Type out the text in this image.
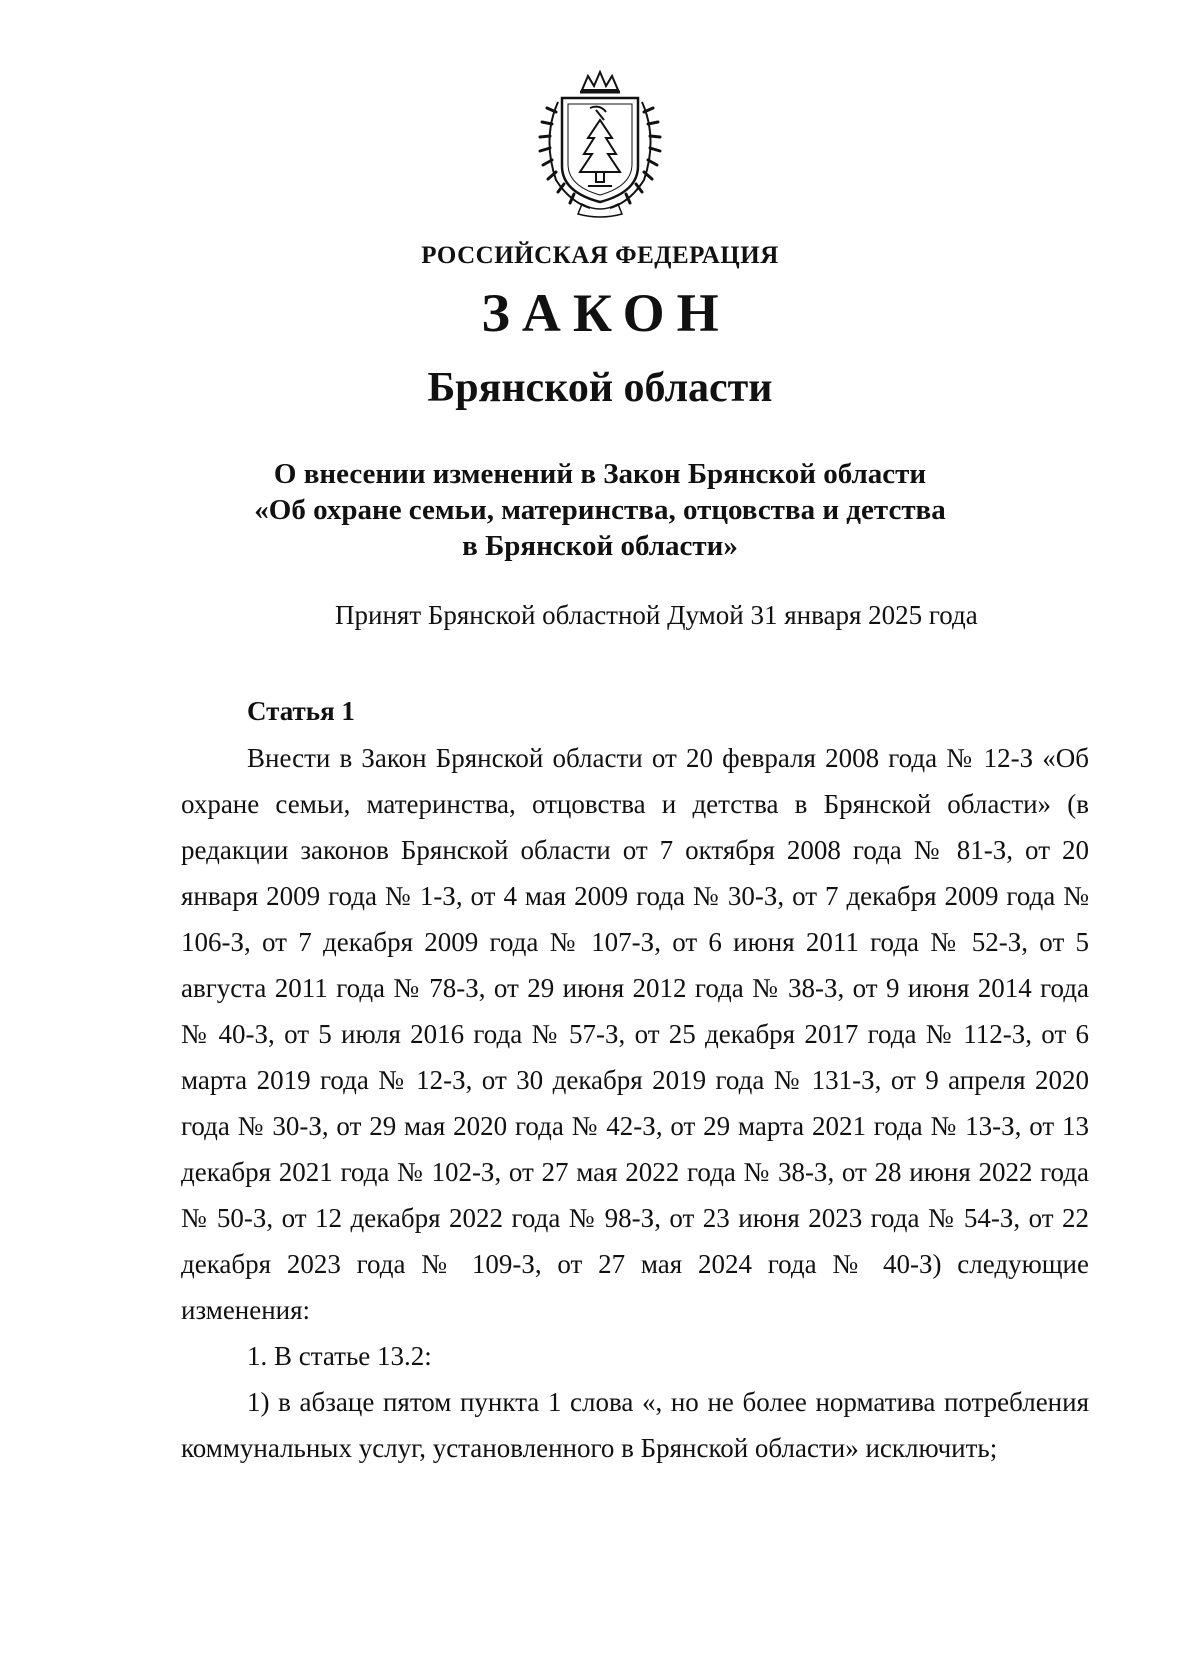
РОССИЙСКАЯ ФЕДЕРАЦИЯ
ЗАКОН
Брянской области
О внесении изменений в Закон Брянской области
«Об охране семьи, материнства, отцовства и детства
в Брянской области»
Принят Брянской областной Думой 31 января 2025 года
Статья 1

Внести в Закон Брянской области от 20 февраля 2008 года № 12-З «Об охране семьи, материнства, отцовства и детства в Брянской области» (в редакции законов Брянской области от 7 октября 2008 года № 81-З, от 20 января 2009 года № 1-З, от 4 мая 2009 года № 30-З, от 7 декабря 2009 года № 106-З, от 7 декабря 2009 года № 107-З, от 6 июня 2011 года № 52-З, от 5 августа 2011 года № 78-З, от 29 июня 2012 года № 38-З, от 9 июня 2014 года № 40-З, от 5 июля 2016 года № 57-З, от 25 декабря 2017 года № 112-З, от 6 марта 2019 года № 12-З, от 30 декабря 2019 года № 131-З, от 9 апреля 2020 года № 30-З, от 29 мая 2020 года № 42-З, от 29 марта 2021 года № 13-З, от 13 декабря 2021 года № 102-З, от 27 мая 2022 года № 38-З, от 28 июня 2022 года № 50-З, от 12 декабря 2022 года № 98-З, от 23 июня 2023 года № 54-З, от 22 декабря 2023 года № 109-З, от 27 мая 2024 года № 40-З) следующие изменения:

1. В статье 13.2:

1) в абзаце пятом пункта 1 слова «, но не более норматива потребления коммунальных услуг, установленного в Брянской области» исключить;
